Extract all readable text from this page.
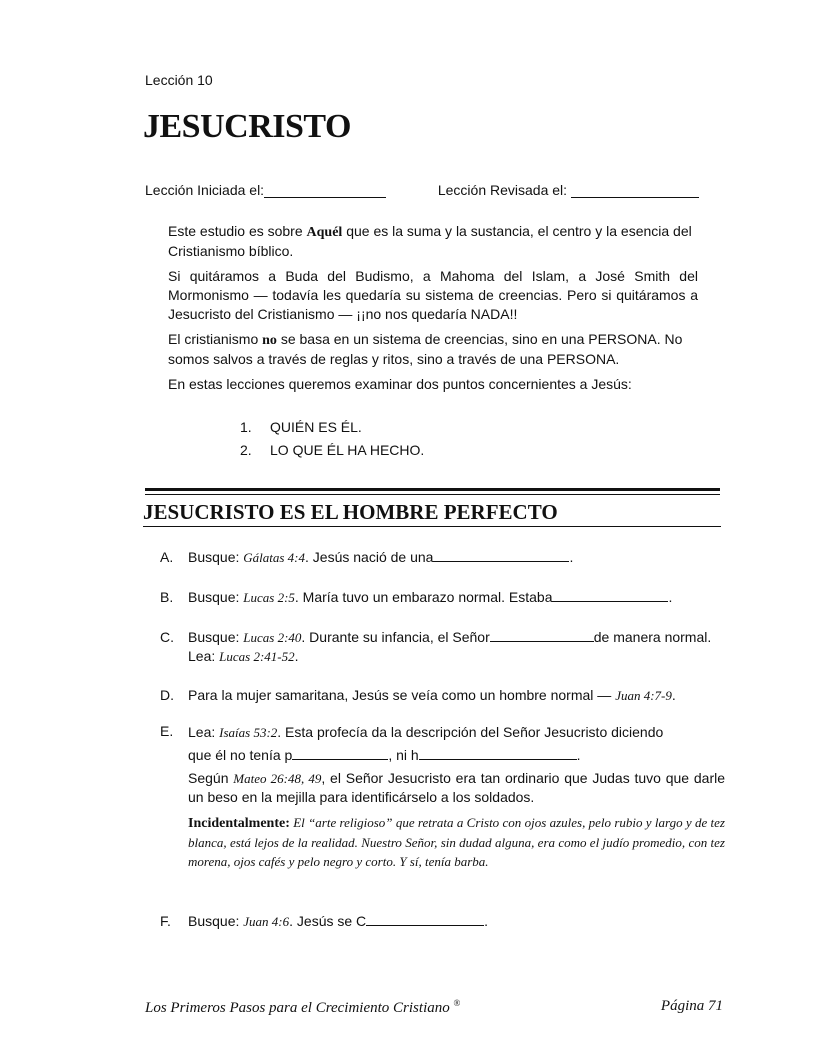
Lección 10
JESUCRISTO
Lección Iniciada el:	Lección Revisada el:

Este estudio es sobre Aquél que es la suma y la sustancia, el centro y la esencia del Cristianismo bíblico.

Si quitáramos a Buda del Budismo, a Mahoma del Islam, a José Smith del Mormonismo — todavía les quedaría su sistema de creencias. Pero si quitáramos a Jesucristo del Cristianismo — ¡¡no nos quedaría NADA!!

El cristianismo no se basa en un sistema de creencias, sino en una PERSONA. No somos salvos a través de reglas y ritos, sino a través de una PERSONA.

En estas lecciones queremos examinar dos puntos concernientes a Jesús:

1. QUIÉN ES ÉL.
2. LO QUE ÉL HA HECHO.
JESUCRISTO ES EL HOMBRE PERFECTO
A.	Busque: Gálatas 4:4. Jesús nació de una	.
B.	Busque: Lucas 2:5. María tuvo un embarazo normal. Estaba	.
C.	Busque: Lucas 2:40. Durante su infancia, el Señor	de manera normal. Lea: Lucas 2:41-52.
D.	Para la mujer samaritana, Jesús se veía como un hombre normal — Juan 4:7-9.
E.	Lea: Isaías 53:2. Esta profecía da la descripción del Señor Jesucristo diciendo
que él no tenía p	, ni h	.
Según Mateo 26:48, 49, el Señor Jesucristo era tan ordinario que Judas tuvo que darle un beso en la mejilla para identificárselo a los soldados.
Incidentalmente: El “arte religioso” que retrata a Cristo con ojos azules, pelo rubio y largo y de tez blanca, está lejos de la realidad. Nuestro Señor, sin dudad alguna, era como el judío promedio, con tez morena, ojos cafés y pelo negro y corto. Y sí, tenía barba.
F.	Busque: Juan 4:6. Jesús se C	.
Los Primeros Pasos para el Crecimiento Cristiano ®	Página 71
